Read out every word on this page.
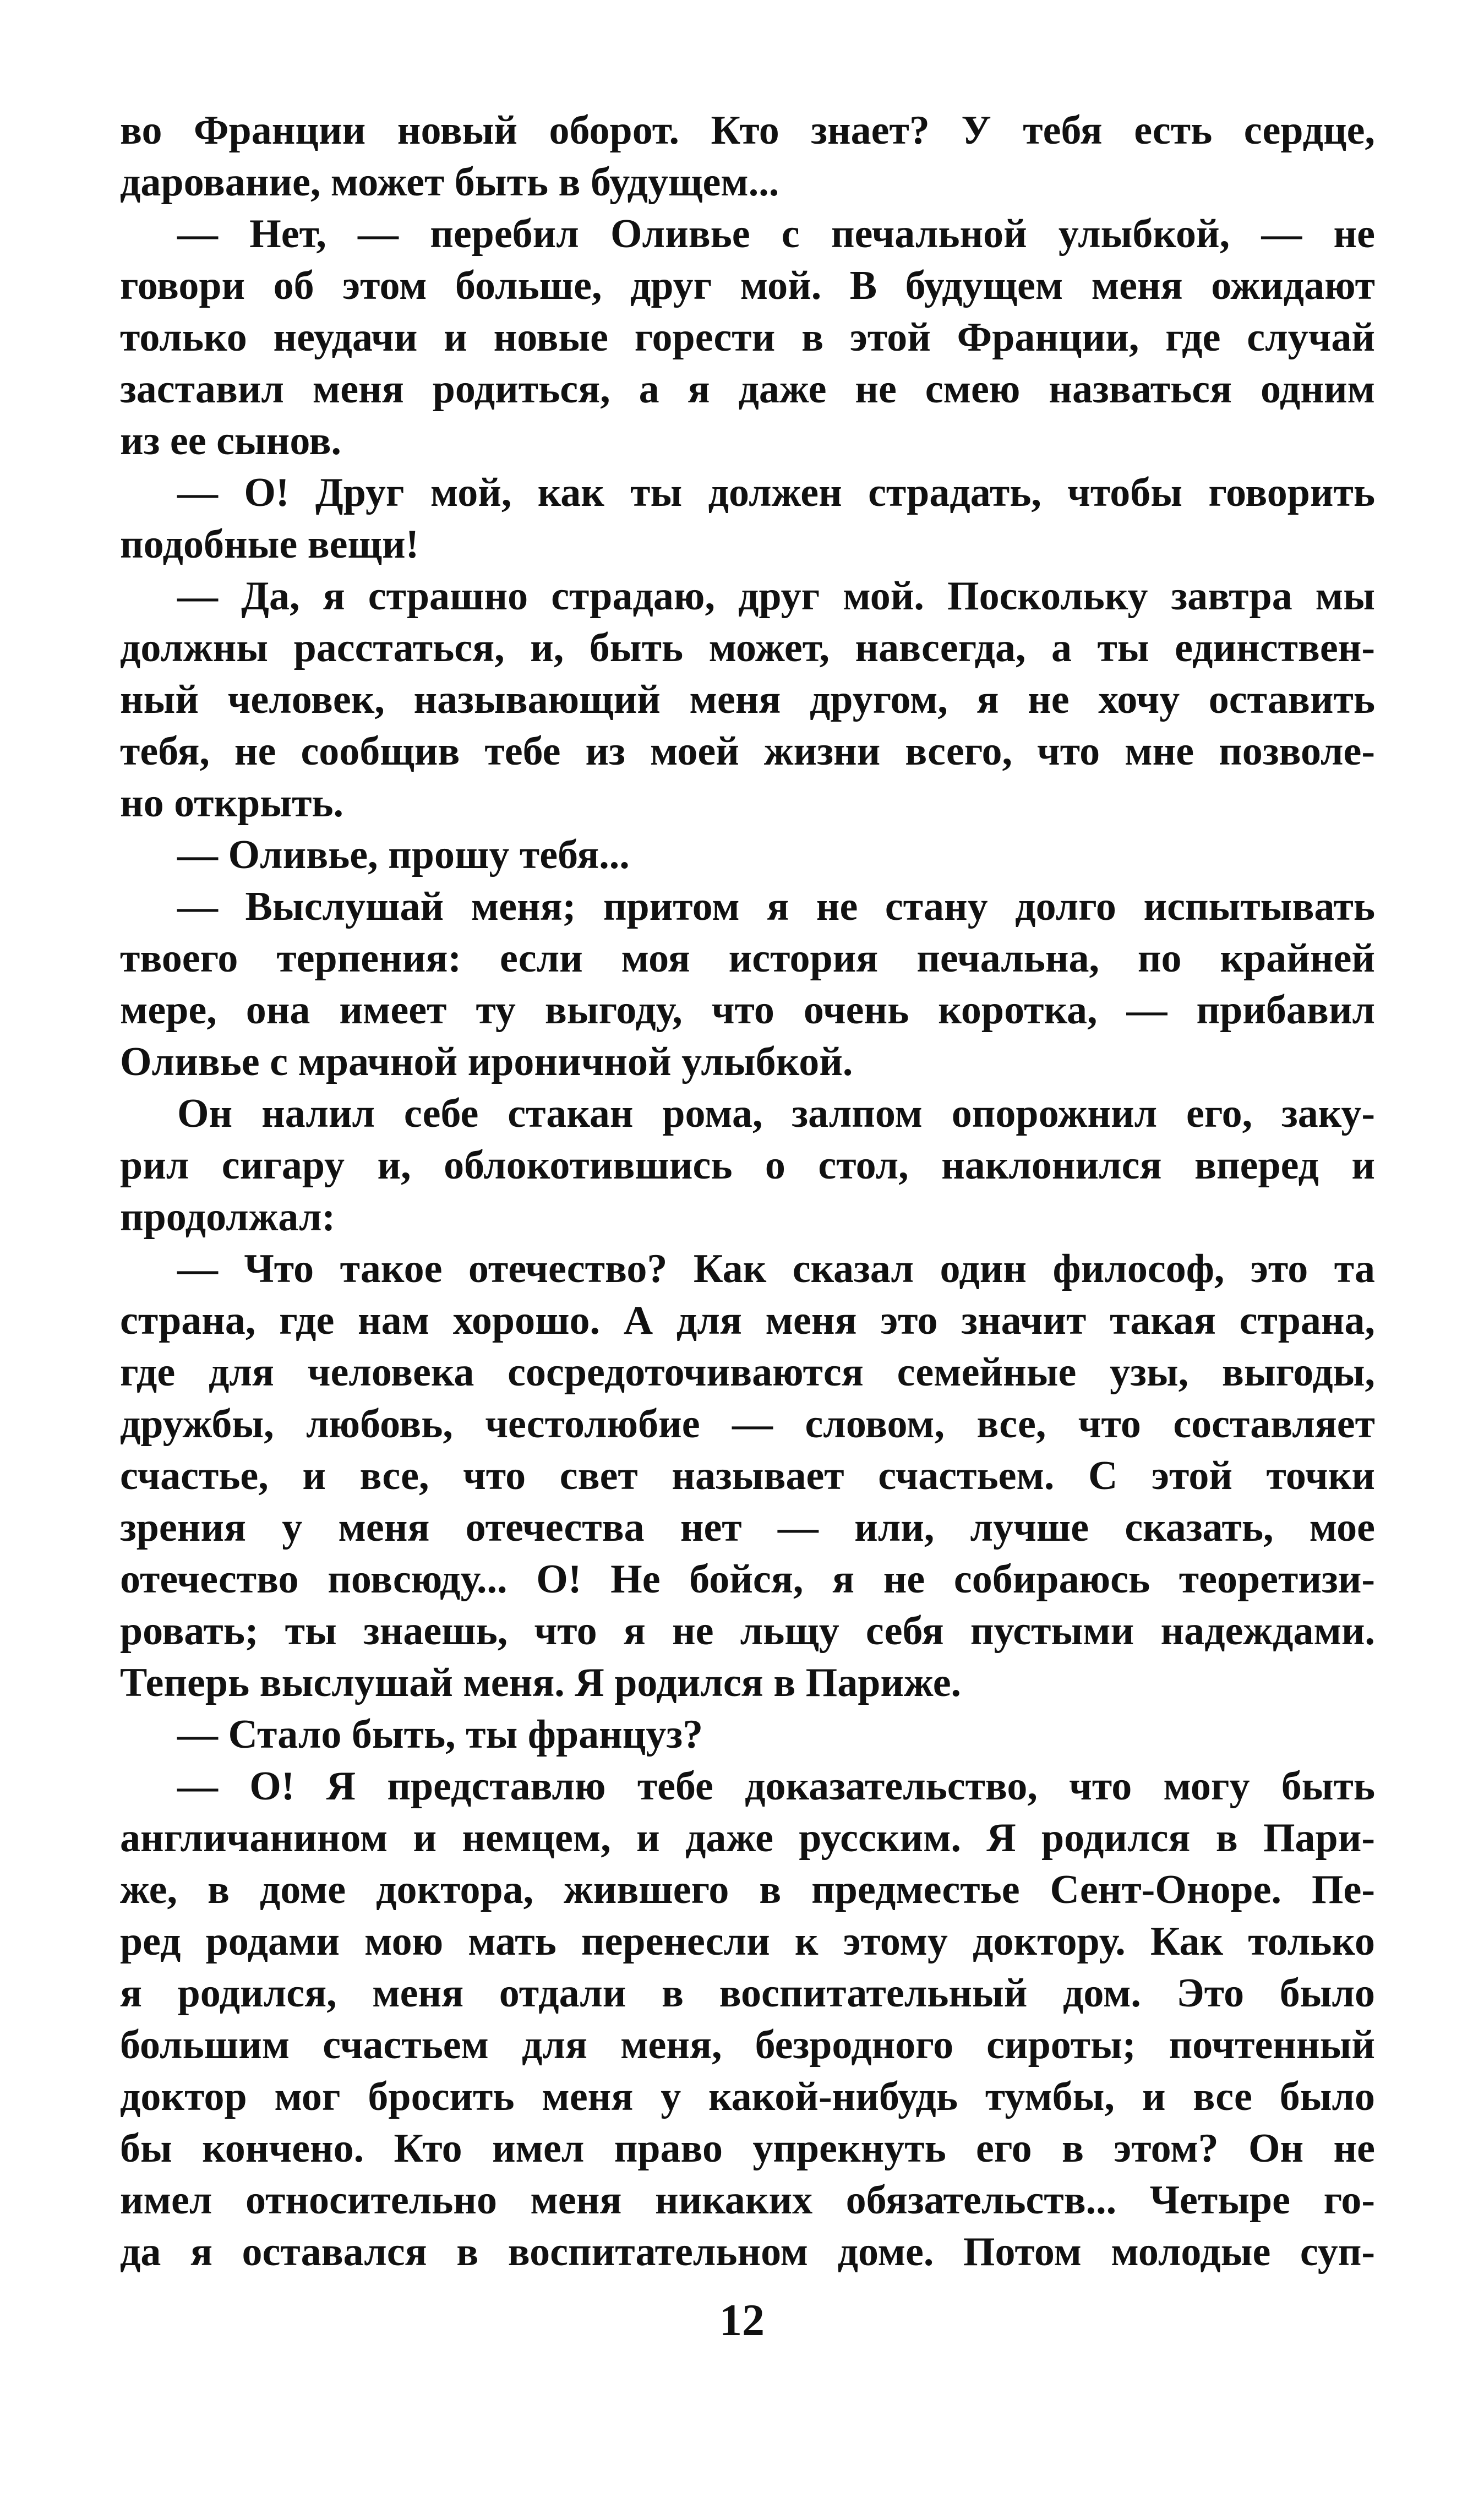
во Франции новый оборот. Кто знает? У тебя есть сердце,
дарование, может быть в будущем...
— Нет, — перебил Оливье с печальной улыбкой, — не
говори об этом больше, друг мой. В будущем меня ожидают
только неудачи и новые горести в этой Франции, где случай
заставил меня родиться, а я даже не смею назваться одним
из ее сынов.
— О! Друг мой, как ты должен страдать, чтобы говорить
подобные вещи!
— Да, я страшно страдаю, друг мой. Поскольку завтра мы
должны расстаться, и, быть может, навсегда, а ты единствен-
ный человек, называющий меня другом, я не хочу оставить
тебя, не сообщив тебе из моей жизни всего, что мне позволе-
но открыть.
— Оливье, прошу тебя...
— Выслушай меня; притом я не стану долго испытывать
твоего терпения: если моя история печальна, по крайней
мере, она имеет ту выгоду, что очень коротка, — прибавил
Оливье с мрачной ироничной улыбкой.
Он налил себе стакан рома, залпом опорожнил его, заку-
рил сигару и, облокотившись о стол, наклонился вперед и
продолжал:
— Что такое отечество? Как сказал один философ, это та
страна, где нам хорошо. А для меня это значит такая страна,
где для человека сосредоточиваются семейные узы, выгоды,
дружбы, любовь, честолюбие — словом, все, что составляет
счастье, и все, что свет называет счастьем. С этой точки
зрения у меня отечества нет — или, лучше сказать, мое
отечество повсюду... О! Не бойся, я не собираюсь теоретизи-
ровать; ты знаешь, что я не льщу себя пустыми надеждами.
Теперь выслушай меня. Я родился в Париже.
— Стало быть, ты француз?
— О! Я представлю тебе доказательство, что могу быть
англичанином и немцем, и даже русским. Я родился в Пари-
же, в доме доктора, жившего в предместье Сент-Оноре. Пе-
ред родами мою мать перенесли к этому доктору. Как только
я родился, меня отдали в воспитательный дом. Это было
большим счастьем для меня, безродного сироты; почтенный
доктор мог бросить меня у какой-нибудь тумбы, и все было
бы кончено. Кто имел право упрекнуть его в этом? Он не
имел относительно меня никаких обязательств... Четыре го-
да я оставался в воспитательном доме. Потом молодые суп-
12
